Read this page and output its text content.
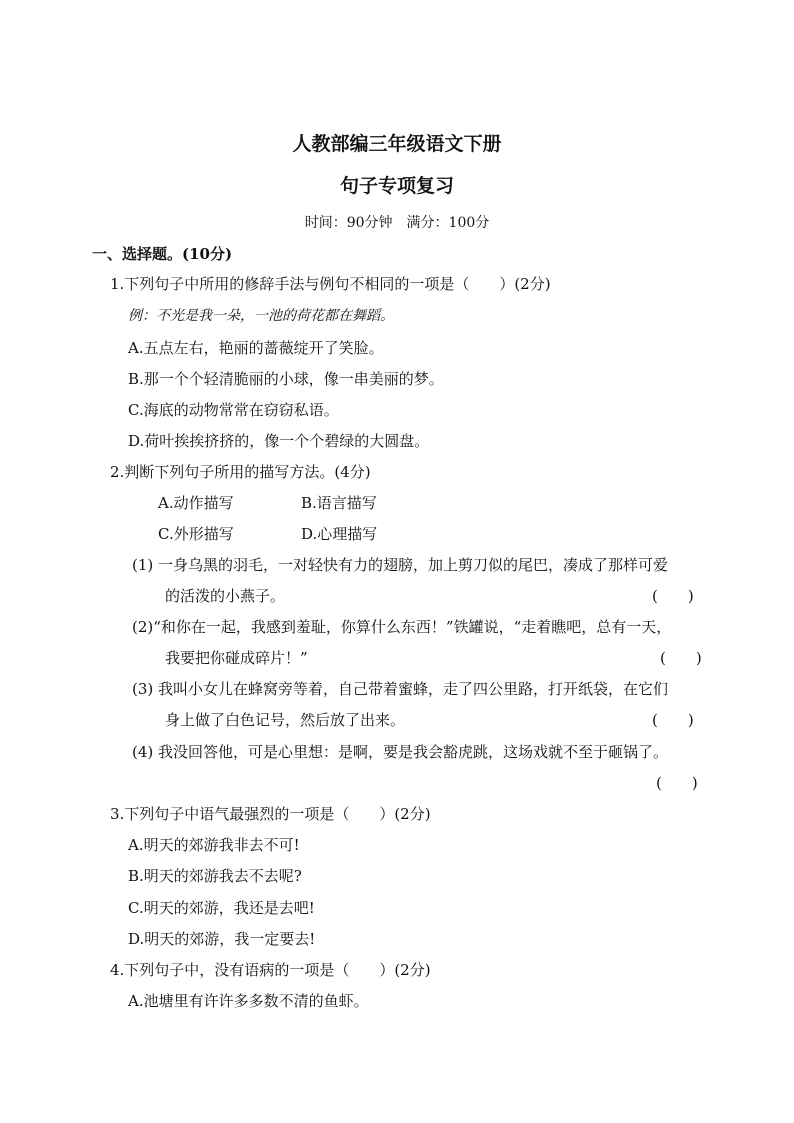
人教部编三年级语文下册
句子专项复习
时间：90分钟　满分：100分
一、选择题。(10分)
1.下列句子中所用的修辞手法与例句不相同的一项是（　　）(2分)
例：不光是我一朵，一池的荷花都在舞蹈。
A.五点左右，艳丽的蔷薇绽开了笑脸。
B.那一个个轻清脆丽的小球，像一串美丽的梦。
C.海底的动物常常在窃窃私语。
D.荷叶挨挨挤挤的，像一个个碧绿的大圆盘。
2.判断下列句子所用的描写方法。(4分)
A.动作描写	B.语言描写
C.外形描写	D.心理描写
(1) 一身乌黑的羽毛，一对轻快有力的翅膀，加上剪刀似的尾巴，凑成了那样可爱
的活泼的小燕子。	(　　)
(2)“和你在一起，我感到羞耻，你算什么东西！”铁罐说，“走着瞧吧，总有一天，
我要把你碰成碎片！”	(　　)
(3) 我叫小女儿在蜂窝旁等着，自己带着蜜蜂，走了四公里路，打开纸袋，在它们
身上做了白色记号，然后放了出来。	(　　)
(4) 我没回答他，可是心里想：是啊，要是我会豁虎跳，这场戏就不至于砸锅了。
(　　)
3.下列句子中语气最强烈的一项是（　　）(2分)
A.明天的郊游我非去不可!
B.明天的郊游我去不去呢?
C.明天的郊游，我还是去吧!
D.明天的郊游，我一定要去!
4.下列句子中，没有语病的一项是（　　）(2分)
A.池塘里有许许多多数不清的鱼虾。
